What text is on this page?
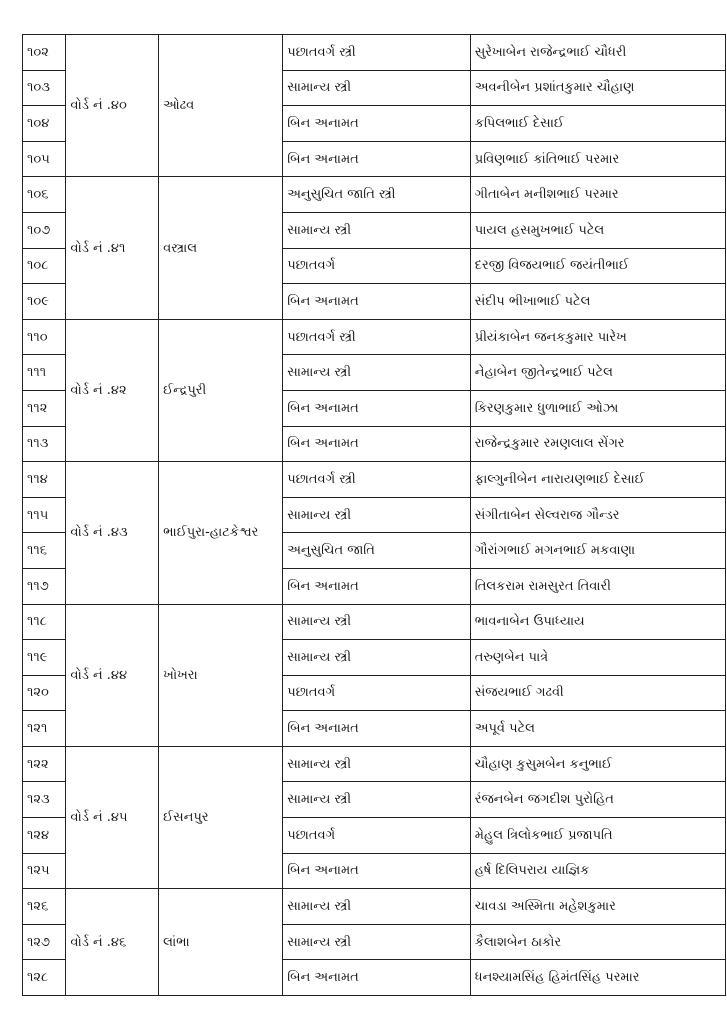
૧૦૨	વોર્ડ નં .૪૦	ઓઢવ	પછાતવર્ગ સ્ત્રી	સુરેખાબેન રાજેન્દ્રભાઈ ચૌધરી
૧૦૩			સામાન્ય સ્ત્રી	અવનીબેન પ્રશાંતકુમાર ચૌહાણ
૧૦૪			બિન અનામત	કપિલભાઈ દેસાઈ
૧૦૫			બિન અનામત	પ્રવિણભાઈ કાંતિભાઈ પરમાર
૧૦૬	વોર્ડ નં .૪૧	વસ્ત્રાલ	અનુસુચિત જાતિ સ્ત્રી	ગીતાબેન મનીશભાઈ પરમાર
૧૦૭			સામાન્ય સ્ત્રી	પાયલ હસમુખભાઈ પટેલ
૧૦૮			પછાતવર્ગ	દરજી વિજયભાઈ જયંતીભાઈ
૧૦૯			બિન અનામત	સંદીપ ભીખાભાઈ પટેલ
૧૧૦	વોર્ડ નં .૪૨	ઈન્દ્રપુરી	પછાતવર્ગ સ્ત્રી	પ્રીયંકાબેન જનકકુમાર પારેખ
૧૧૧			સામાન્ય સ્ત્રી	નેહાબેન જીતેન્દ્રભાઈ પટેલ
૧૧૨			બિન અનામત	કિરણકુમાર ધુળાભાઈ ઓઝા
૧૧૩			બિન અનામત	રાજેન્દ્રકુમાર રમણલાલ સેંગર
૧૧૪	વોર્ડ નં .૪૩	ભાઈપુરા-હાટકેશ્વર	પછાતવર્ગ સ્ત્રી	ફાલ્ગુનીબેન નારાયણભાઈ દેસાઈ
૧૧૫			સામાન્ય સ્ત્રી	સંગીતાબેન સેલ્વરાજ ગૌન્ડર
૧૧૬			અનુસુચિત જાતિ	ગૌરાંગભાઈ મગનભાઈ મકવાણા
૧૧૭			બિન અનામત	તિલકરામ રામસુરત તિવારી
૧૧૮	વોર્ડ નં .૪૪	ખોખરા	સામાન્ય સ્ત્રી	ભાવનાબેન ઉપાધ્યાય
૧૧૯			સામાન્ય સ્ત્રી	તરુણબેન પાત્રે
૧૨૦			પછાતવર્ગ	સંજયભાઈ ગઢવી
૧૨૧			બિન અનામત	અપૂર્વ પટેલ
૧૨૨	વોર્ડ નં .૪૫	ઈસનપુર	સામાન્ય સ્ત્રી	ચૌહાણ કુસુમબેન કનુભાઈ
૧૨૩			સામાન્ય સ્ત્રી	રંજનબેન જગદીશ પુરોહિત
૧૨૪			પછાતવર્ગ	મેહુલ ત્રિલોકભાઈ પ્રજાપતિ
૧૨૫			બિન અનામત	હર્ષ દિલિપરાય યાજ્ઞિક
૧૨૬	વોર્ડ નં .૪૬	લાંભા	સામાન્ય સ્ત્રી	ચાવડા અસ્મિતા મહેશકુમાર
૧૨૭			સામાન્ય સ્ત્રી	કૈલાશબેન ઠાકોર
૧૨૮			બિન અનામત	ધનશ્યામસિંહ હિમંતસિંહ પરમાર
